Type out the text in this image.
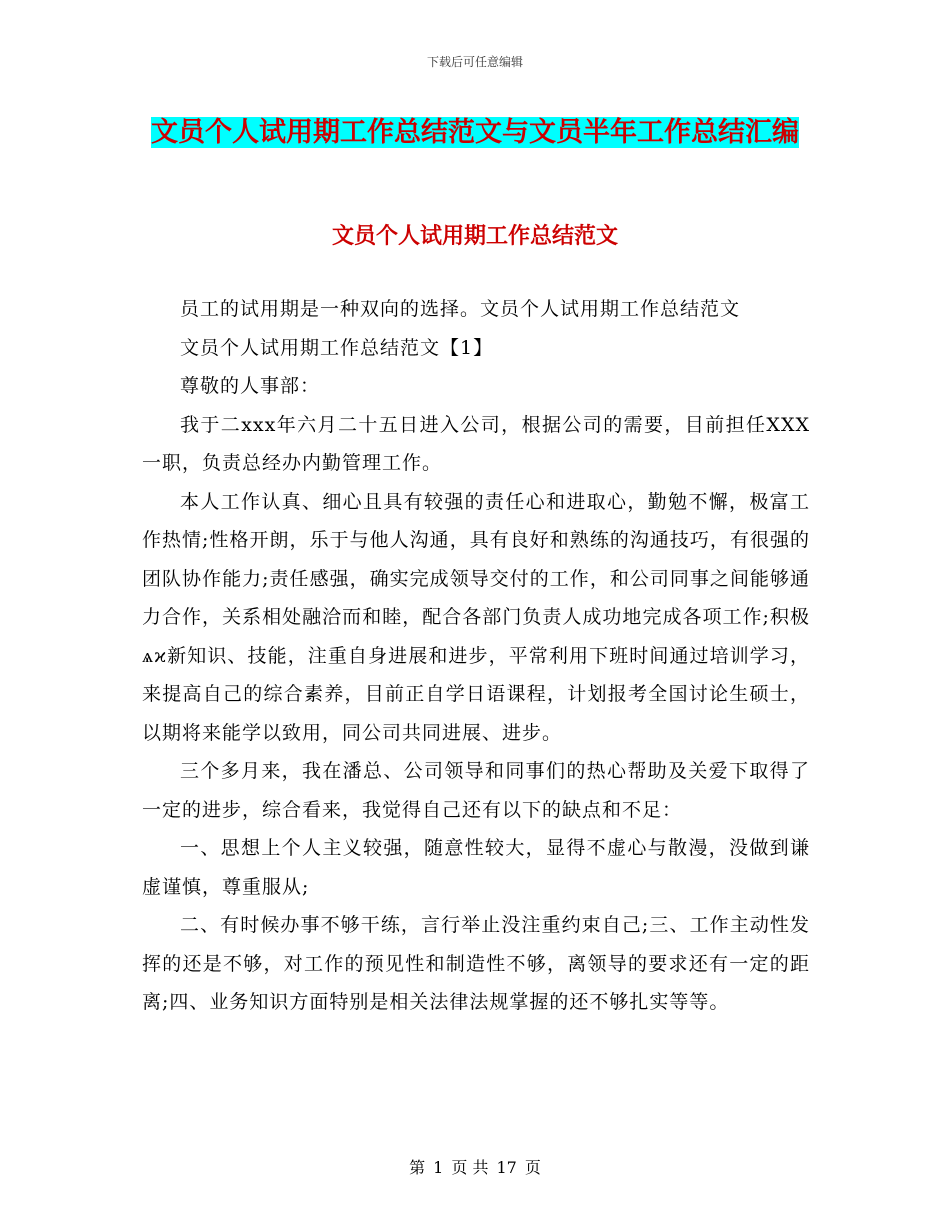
下载后可任意编辑
文员个人试用期工作总结范文与文员半年工作总结汇编
文员个人试用期工作总结范文

员工的试用期是一种双向的选择。文员个人试用期工作总结范文

文员个人试用期工作总结范文【1】

尊敬的人事部：

我于二xxx年六月二十五日进入公司，根据公司的需要，目前担任XXX一职，负责总经办内勤管理工作。

本人工作认真、细心且具有较强的责任心和进取心，勤勉不懈，极富工作热情;性格开朗，乐于与他人沟通，具有良好和熟练的沟通技巧，有很强的团队协作能力;责任感强，确实完成领导交付的工作，和公司同事之间能够通力合作，关系相处融洽而和睦，配合各部门负责人成功地完成各项工作;积极ѧϰ新知识、技能，注重自身进展和进步，平常利用下班时间通过培训学习，来提高自己的综合素养，目前正自学日语课程，计划报考全国讨论生硕士，以期将来能学以致用，同公司共同进展、进步。

三个多月来，我在潘总、公司领导和同事们的热心帮助及关爱下取得了一定的进步，综合看来，我觉得自己还有以下的缺点和不足：

一、思想上个人主义较强，随意性较大，显得不虚心与散漫，没做到谦虚谨慎，尊重服从;

二、有时候办事不够干练，言行举止没注重约束自己;三、工作主动性发挥的还是不够，对工作的预见性和制造性不够，离领导的要求还有一定的距离;四、业务知识方面特别是相关法律法规掌握的还不够扎实等等。

第 1 页 共 17 页
